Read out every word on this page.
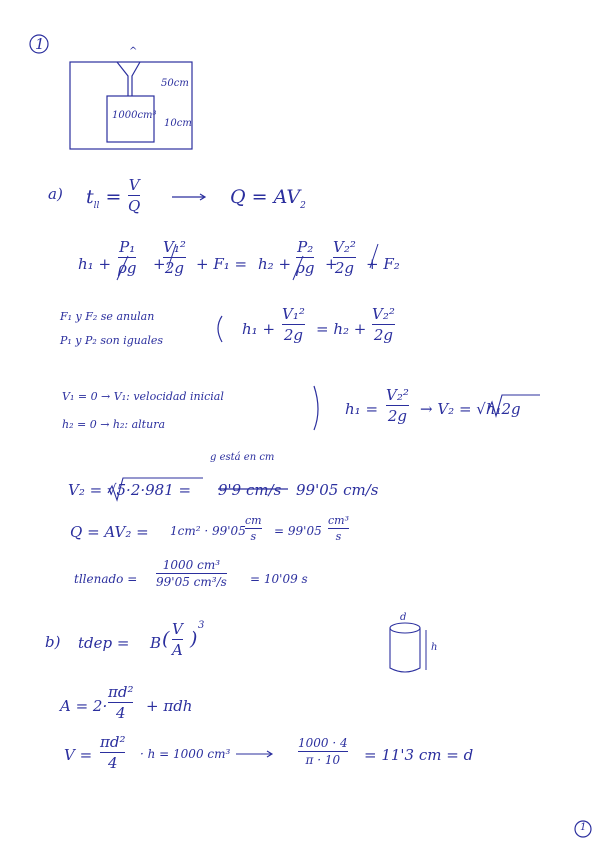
1
1
^
1000cm³
50cm
10cm
a) $t_{ll}$ =
V
Q	$Q = AV_2$
h₁ +
P₁
ρg +
V₁²
2g + F₁ = h₂ +
P₂
ρg +
V₂²
2g + F₂
F₁ y F₂ se anulan
P₁ y P₂ son iguales
h₁ +
V₁²
2g = h₂ +
V₂²
2g
V₁ = 0 → V₁: velocidad inicial
h₂ = 0 → h₂: altura
h₁ =
V₂²
2g → V₂ = √h₁2g
g está en cm
V₂ = √5·2·981 = 9'9 cm/s 99'05 cm/s
Q = AV₂ = 1cm² · 99'05
cm
s = 99'05
cm³
s
tllenado =
1000 cm³
99'05 cm³/s = 10'09 s
b) tdep = B ( V
A )
3
d
h
A = 2·
πd²
4 + πdh
V =
πd²
4 · h = 1000 cm³
1000 · 4
π · 10 = 11'3 cm = d
